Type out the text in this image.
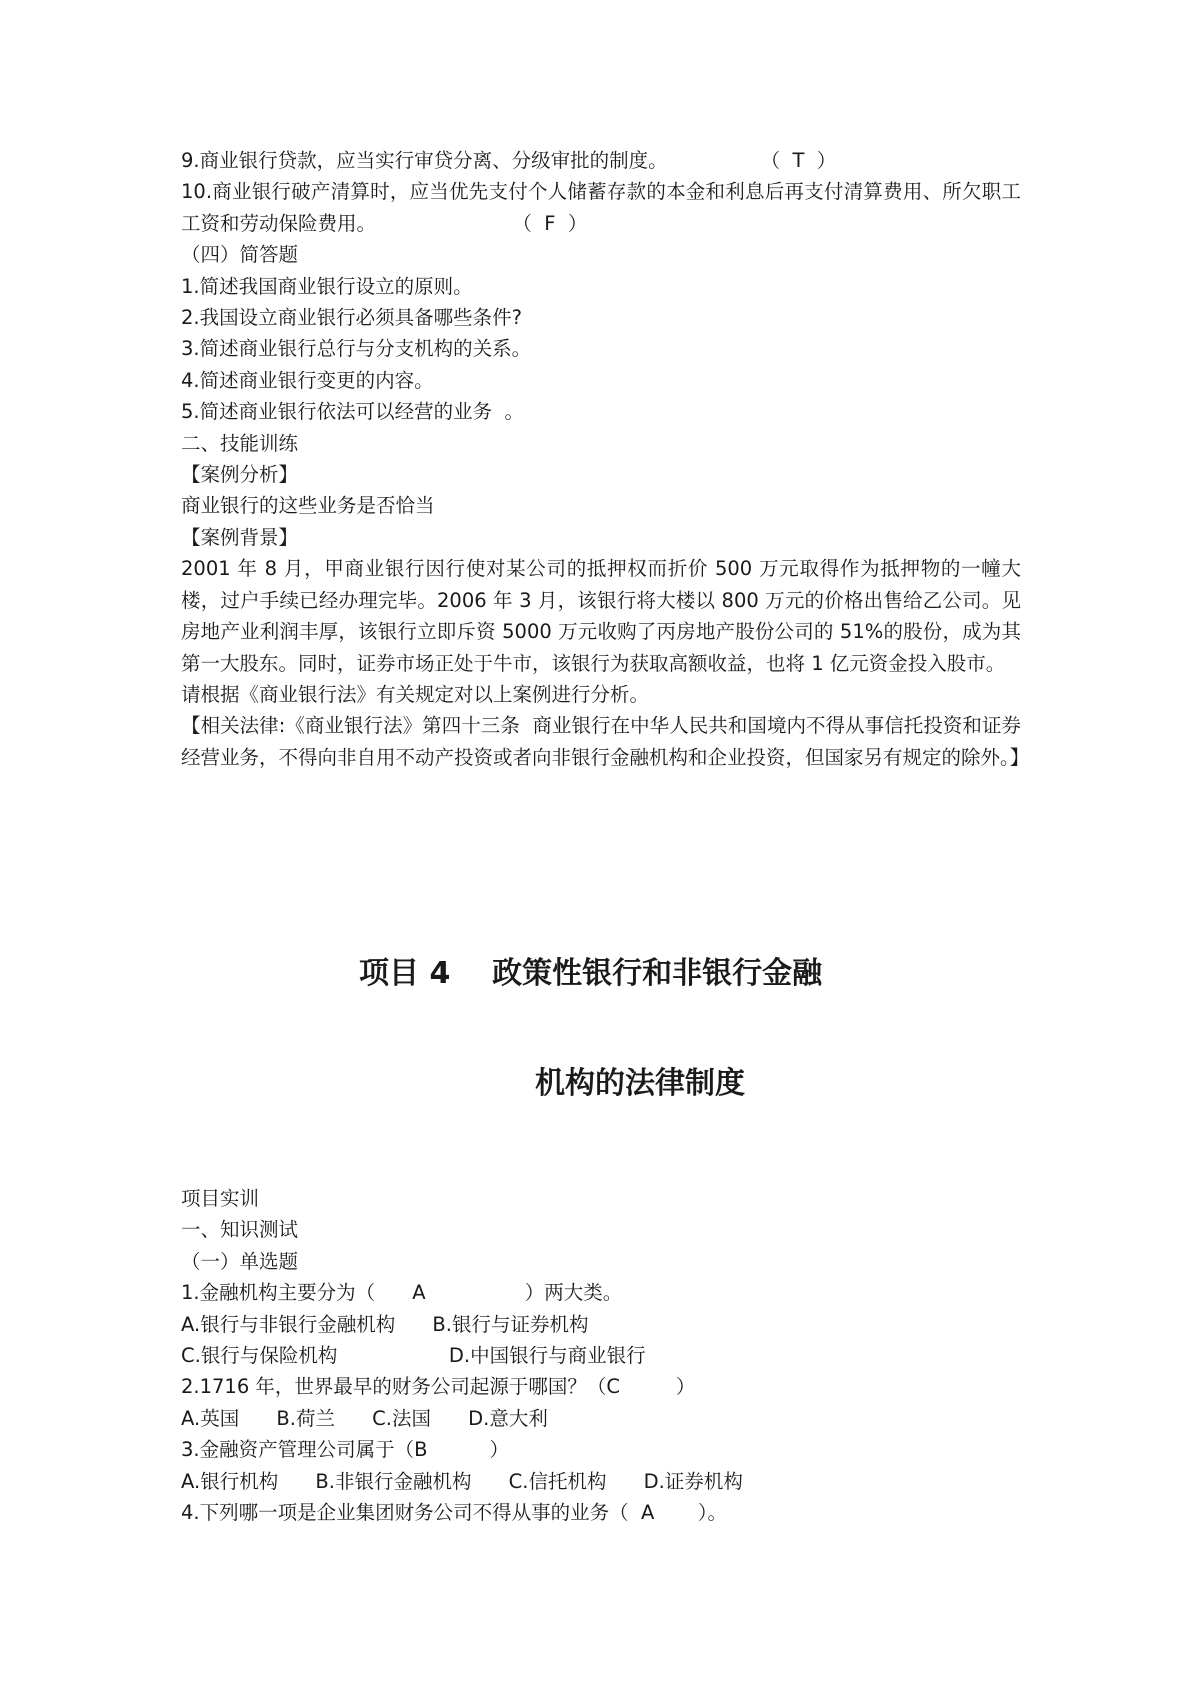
9.商业银行贷款，应当实行审贷分离、分级审批的制度。               （  T  ）

10.商业银行破产清算时，应当优先支付个人储蓄存款的本金和利息后再支付清算费用、所欠职工工资和劳动保险费用。                      （  F  ）

（四）简答题

1.简述我国商业银行设立的原则。

2.我国设立商业银行必须具备哪些条件?

3.简述商业银行总行与分支机构的关系。

4.简述商业银行变更的内容。

5.简述商业银行依法可以经营的业务  。

二、技能训练

【案例分析】

商业银行的这些业务是否恰当

【案例背景】

2001 年 8 月，甲商业银行因行使对某公司的抵押权而折价 500 万元取得作为抵押物的一幢大楼，过户手续已经办理完毕。2006 年 3 月，该银行将大楼以 800 万元的价格出售给乙公司。见房地产业利润丰厚，该银行立即斥资 5000 万元收购了丙房地产股份公司的 51%的股份，成为其第一大股东。同时，证券市场正处于牛市，该银行为获取高额收益，也将 1 亿元资金投入股市。

请根据《商业银行法》有关规定对以上案例进行分析。

【相关法律:《商业银行法》第四十三条  商业银行在中华人民共和国境内不得从事信托投资和证券经营业务，不得向非自用不动产投资或者向非银行金融机构和企业投资，但国家另有规定的除外。】

项目 4    政策性银行和非银行金融

机构的法律制度

项目实训

一、知识测试

（一）单选题

1.金融机构主要分为（      A                ）两大类。

A.银行与非银行金融机构      B.银行与证券机构

C.银行与保险机构                  D.中国银行与商业银行

2.1716 年，世界最早的财务公司起源于哪国？（C         ）

A.英国      B.荷兰      C.法国      D.意大利

3.金融资产管理公司属于（B          ）

A.银行机构      B.非银行金融机构      C.信托机构      D.证券机构

4.下列哪一项是企业集团财务公司不得从事的业务（  A       ）。
